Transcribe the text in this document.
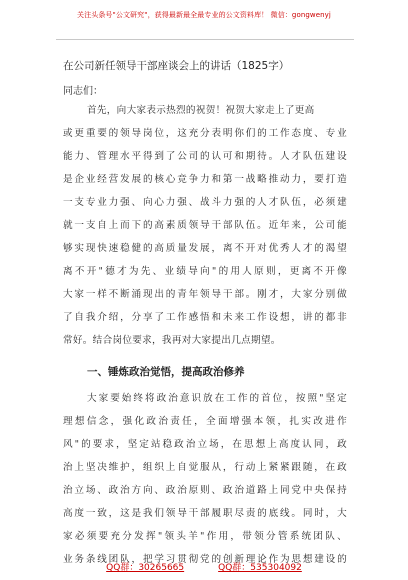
关注头条号"公文研究"，获得最新最全最专业的公文资料库！ 微信：gongwenyj
在公司新任领导干部座谈会上的讲话（1825字）
同志们：
首先，向大家表示热烈的祝贺！祝贺大家走上了更高
或更重要的领导岗位，这充分表明你们的工作态度、专业
能力、管理水平得到了公司的认可和期待。人才队伍建设
是企业经营发展的核心竞争力和第一战略推动力，要打造
一支专业力强、向心力强、战斗力强的人才队伍，必须建
就一支自上而下的高素质领导干部队伍。近年来，公司能
够实现快速稳健的高质量发展，离不开对优秀人才的渴望
离不开"德才为先、业绩导向"的用人原则，更离不开像
大家一样不断涌现出的青年领导干部。刚才，大家分别做
了自我介绍，分享了工作感悟和未来工作设想，讲的都非
常好。结合岗位要求，我再对大家提出几点期望。
一、锤炼政治觉悟，提高政治修养
大家要始终将政治意识放在工作的首位，按照"坚定
理想信念，强化政治责任，全面增强本领，扎实改进作
风"的要求，坚定站稳政治立场，在思想上高度认同，政
治上坚决维护，组织上自觉服从，行动上紧紧跟随，在政
治立场、政治方向、政治原则、政治道路上同党中央保持
高度一致，这是我们领导干部履职尽责的底线。同时，大
家必须要充分发挥"领头羊"作用，带领分管系统团队、
业务条线团队，把学习贯彻党的创新理论作为思想建设的
QQ群：30265665	QQ群：535304092
